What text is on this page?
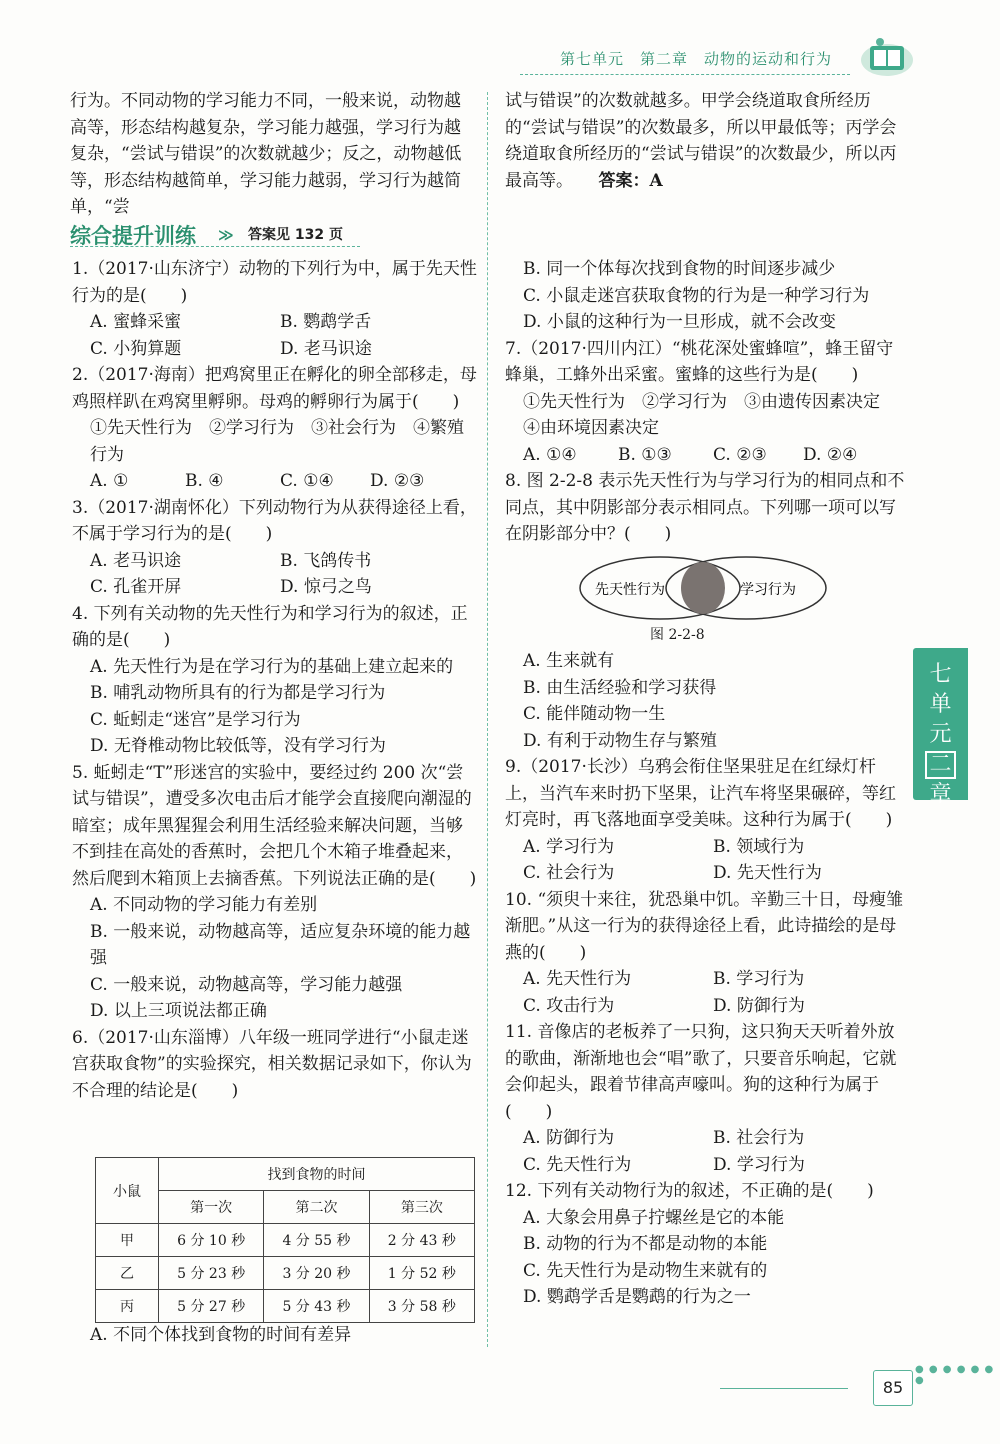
第七单元　第二章　动物的运动和行为

行为。不同动物的学习能力不同，一般来说，动物越高等，形态结构越复杂，学习能力越强，学习行为越复杂，“尝试与错误”的次数就越少；反之，动物越低等，形态结构越简单，学习能力越弱，学习行为越简单，“尝

试与错误”的次数就越多。甲学会绕道取食所经历的“尝试与错误”的次数最多，所以甲最低等；丙学会绕道取食所经历的“尝试与错误”的次数最少，所以丙最高等。　　 答案：A

综合提升训练 ≫ 答案见 132 页

1.（2017·山东济宁）动物的下列行为中，属于先天性行为的是(　　)

A. 蜜蜂采蜜	B. 鹦鹉学舌
C. 小狗算题	D. 老马识途

2.（2017·海南）把鸡窝里正在孵化的卵全部移走，母鸡照样趴在鸡窝里孵卵。母鸡的孵卵行为属于(　　)

①先天性行为　②学习行为　③社会行为　④繁殖行为

A. ①	B. ④	C. ①④	D. ②③

3.（2017·湖南怀化）下列动物行为从获得途径上看，不属于学习行为的是(　　)

A. 老马识途	B. 飞鸽传书
C. 孔雀开屏	D. 惊弓之鸟

4. 下列有关动物的先天性行为和学习行为的叙述，正确的是(　　)

A. 先天性行为是在学习行为的基础上建立起来的

B. 哺乳动物所具有的行为都是学习行为

C. 蚯蚓走“迷宫”是学习行为

D. 无脊椎动物比较低等，没有学习行为

5. 蚯蚓走“T”形迷宫的实验中，要经过约 200 次“尝试与错误”，遭受多次电击后才能学会直接爬向潮湿的暗室；成年黑猩猩会利用生活经验来解决问题，当够不到挂在高处的香蕉时，会把几个木箱子堆叠起来，然后爬到木箱顶上去摘香蕉。下列说法正确的是(　　)

A. 不同动物的学习能力有差别

B. 一般来说，动物越高等，适应复杂环境的能力越强

C. 一般来说，动物越高等，学习能力越强

D. 以上三项说法都正确

6.（2017·山东淄博）八年级一班同学进行“小鼠走迷宫获取食物”的实验探究，相关数据记录如下，你认为不合理的结论是(　　)

小鼠	找到食物的时间		
	第一次	第二次	第三次
甲	6 分 10 秒	4 分 55 秒	2 分 43 秒
乙	5 分 23 秒	3 分 20 秒	1 分 52 秒
丙	5 分 27 秒	5 分 43 秒	3 分 58 秒

A. 不同个体找到食物的时间有差异

B. 同一个体每次找到食物的时间逐步减少

C. 小鼠走迷宫获取食物的行为是一种学习行为

D. 小鼠的这种行为一旦形成，就不会改变

7.（2017·四川内江）“桃花深处蜜蜂喧”，蜂王留守蜂巢，工蜂外出采蜜。蜜蜂的这些行为是(　　)

①先天性行为　②学习行为　③由遗传因素决定　④由环境因素决定

A. ①④	B. ①③	C. ②③	D. ②④

8. 图 2-2-8 表示先天性行为与学习行为的相同点和不同点，其中阴影部分表示相同点。下列哪一项可以写在阴影部分中？(　　)

先天性行为	学习行为
图 2-2-8

A. 生来就有

B. 由生活经验和学习获得

C. 能伴随动物一生

D. 有利于动物生存与繁殖

9.（2017·长沙）乌鸦会衔住坚果驻足在红绿灯杆上，当汽车来时扔下坚果，让汽车将坚果碾碎，等红灯亮时，再飞落地面享受美味。这种行为属于(　　)

A. 学习行为	B. 领域行为
C. 社会行为	D. 先天性行为

10. “须臾十来往，犹恐巢中饥。辛勤三十日，母瘦雏渐肥。”从这一行为的获得途径上看，此诗描绘的是母燕的(　　)

A. 先天性行为	B. 学习行为
C. 攻击行为	D. 防御行为

11. 音像店的老板养了一只狗，这只狗天天听着外放的歌曲，渐渐地也会“唱”歌了，只要音乐响起，它就会仰起头，跟着节律高声嚎叫。狗的这种行为属于(　　)

A. 防御行为	B. 社会行为
C. 先天性行为	D. 学习行为

12. 下列有关动物行为的叙述，不正确的是(　　)

A. 大象会用鼻子拧螺丝是它的本能

B. 动物的行为不都是动物的本能

C. 先天性行为是动物生来就有的

D. 鹦鹉学舌是鹦鹉的行为之一

七
单
元
二
章
85
● ● ● ● ● ● ●
